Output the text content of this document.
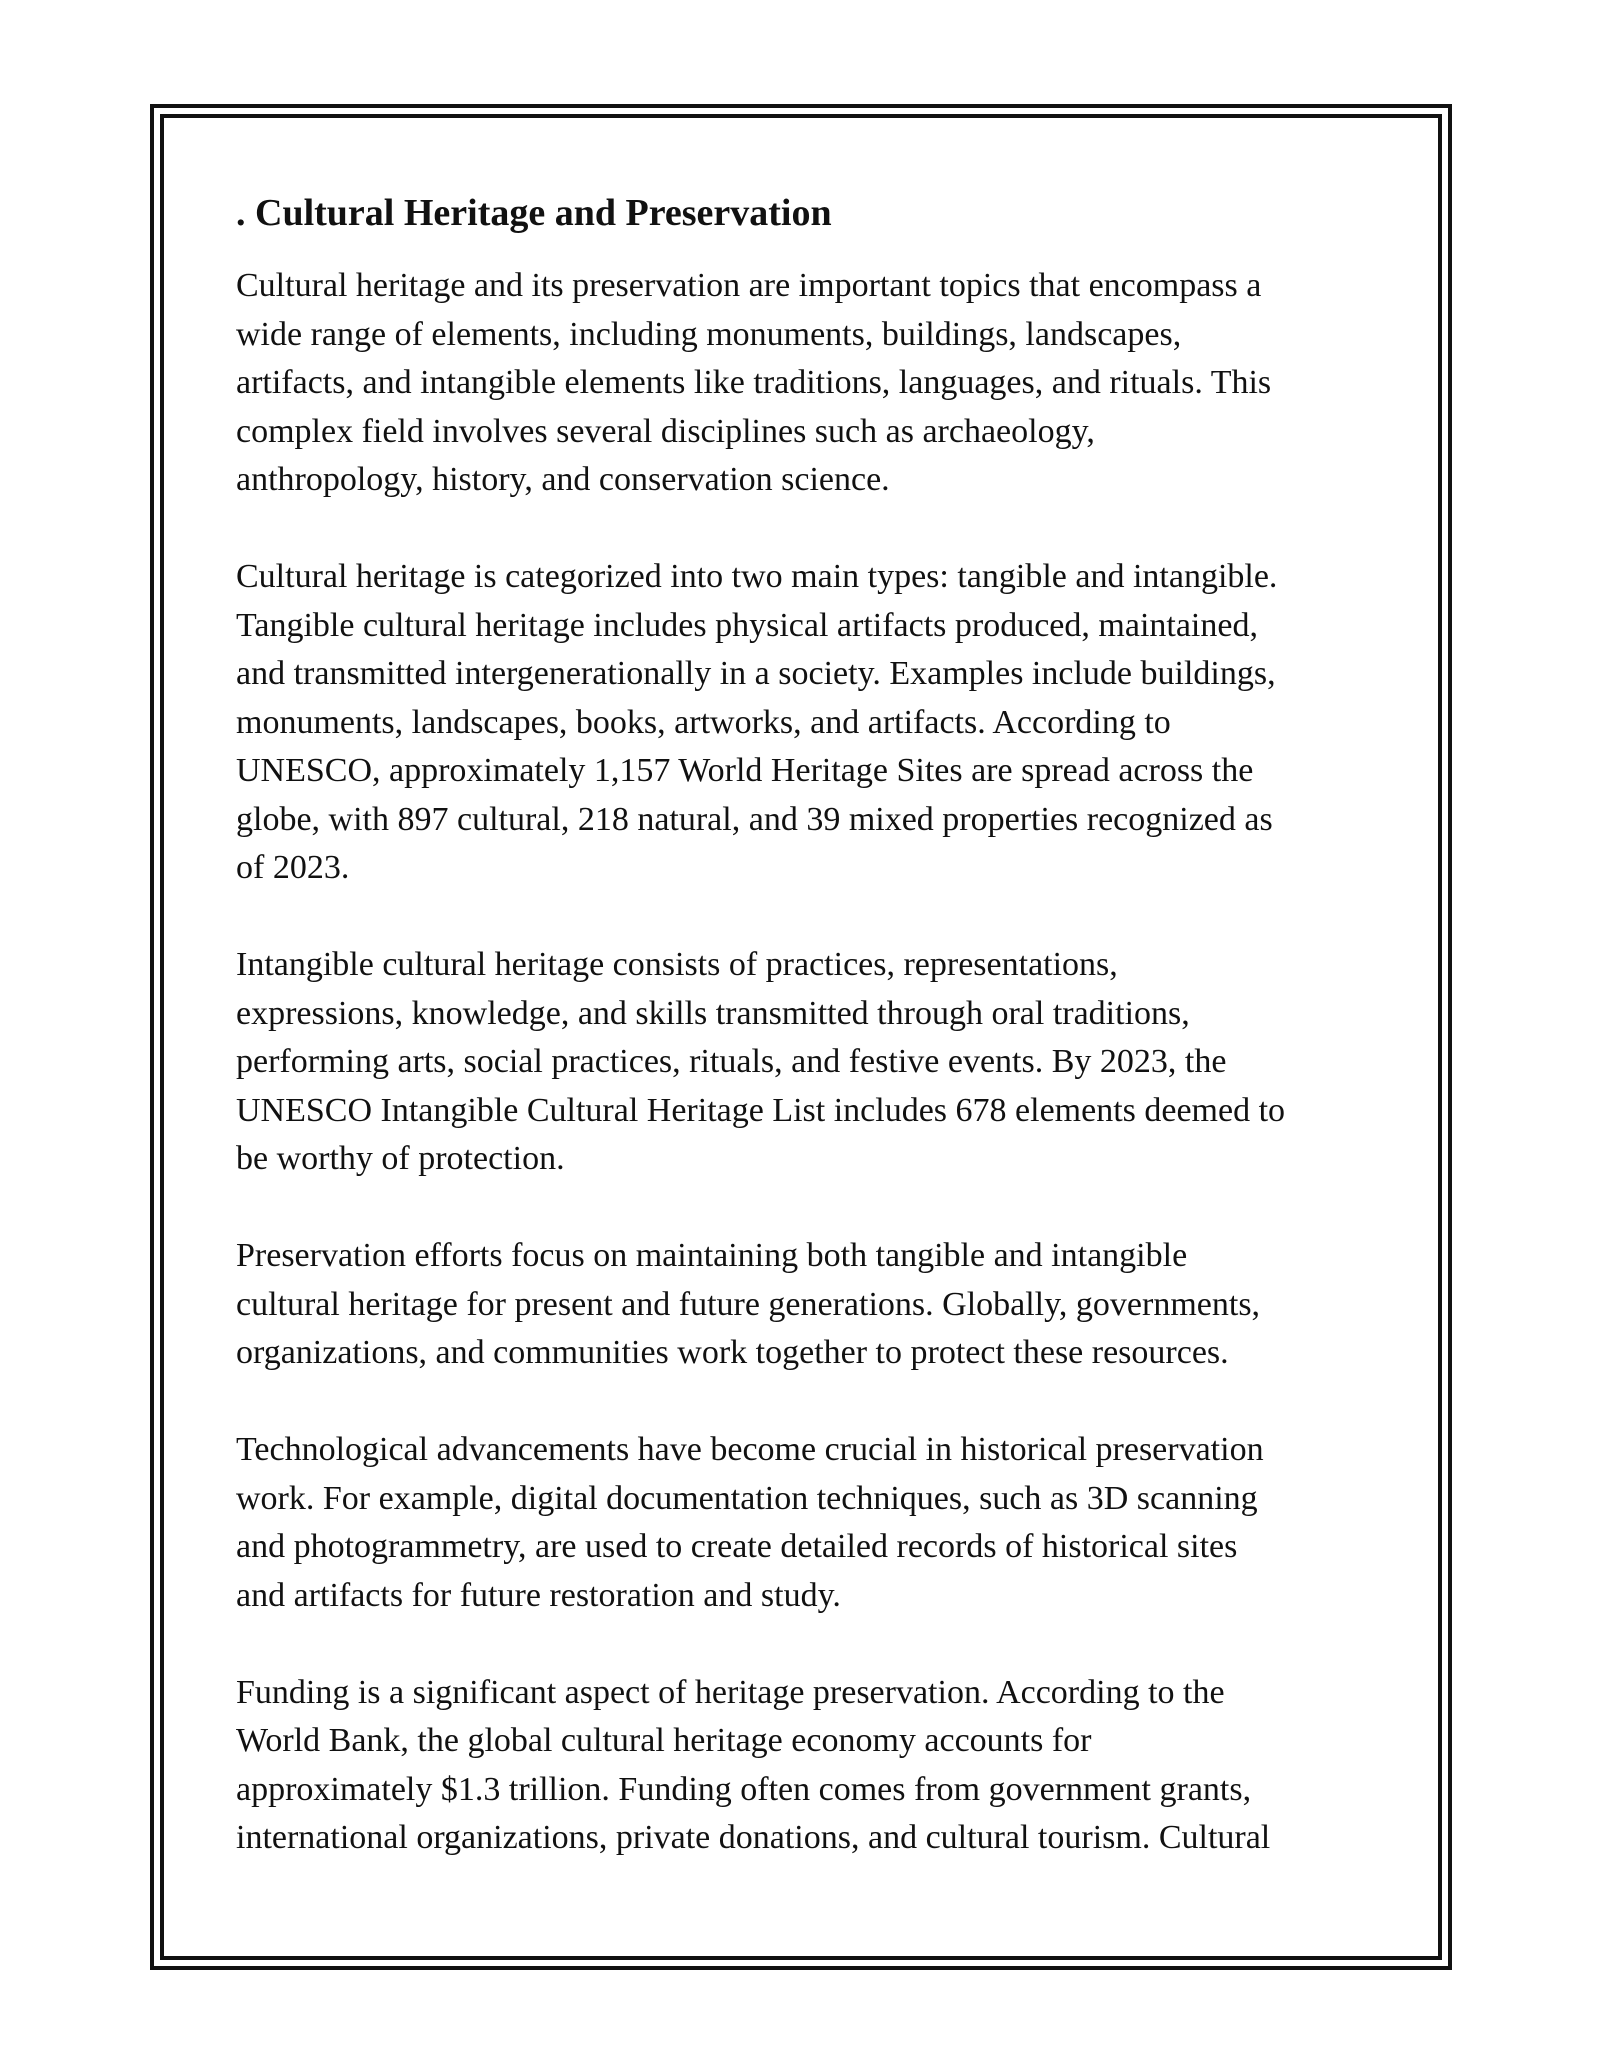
. Cultural Heritage and Preservation

Cultural heritage and its preservation are important topics that encompass a
wide range of elements, including monuments, buildings, landscapes,
artifacts, and intangible elements like traditions, languages, and rituals. This
complex field involves several disciplines such as archaeology,
anthropology, history, and conservation science.

Cultural heritage is categorized into two main types: tangible and intangible.
Tangible cultural heritage includes physical artifacts produced, maintained,
and transmitted intergenerationally in a society. Examples include buildings,
monuments, landscapes, books, artworks, and artifacts. According to
UNESCO, approximately 1,157 World Heritage Sites are spread across the
globe, with 897 cultural, 218 natural, and 39 mixed properties recognized as
of 2023.

Intangible cultural heritage consists of practices, representations,
expressions, knowledge, and skills transmitted through oral traditions,
performing arts, social practices, rituals, and festive events. By 2023, the
UNESCO Intangible Cultural Heritage List includes 678 elements deemed to
be worthy of protection.

Preservation efforts focus on maintaining both tangible and intangible
cultural heritage for present and future generations. Globally, governments,
organizations, and communities work together to protect these resources.

Technological advancements have become crucial in historical preservation
work. For example, digital documentation techniques, such as 3D scanning
and photogrammetry, are used to create detailed records of historical sites
and artifacts for future restoration and study.

Funding is a significant aspect of heritage preservation. According to the
World Bank, the global cultural heritage economy accounts for
approximately $1.3 trillion. Funding often comes from government grants,
international organizations, private donations, and cultural tourism. Cultural
